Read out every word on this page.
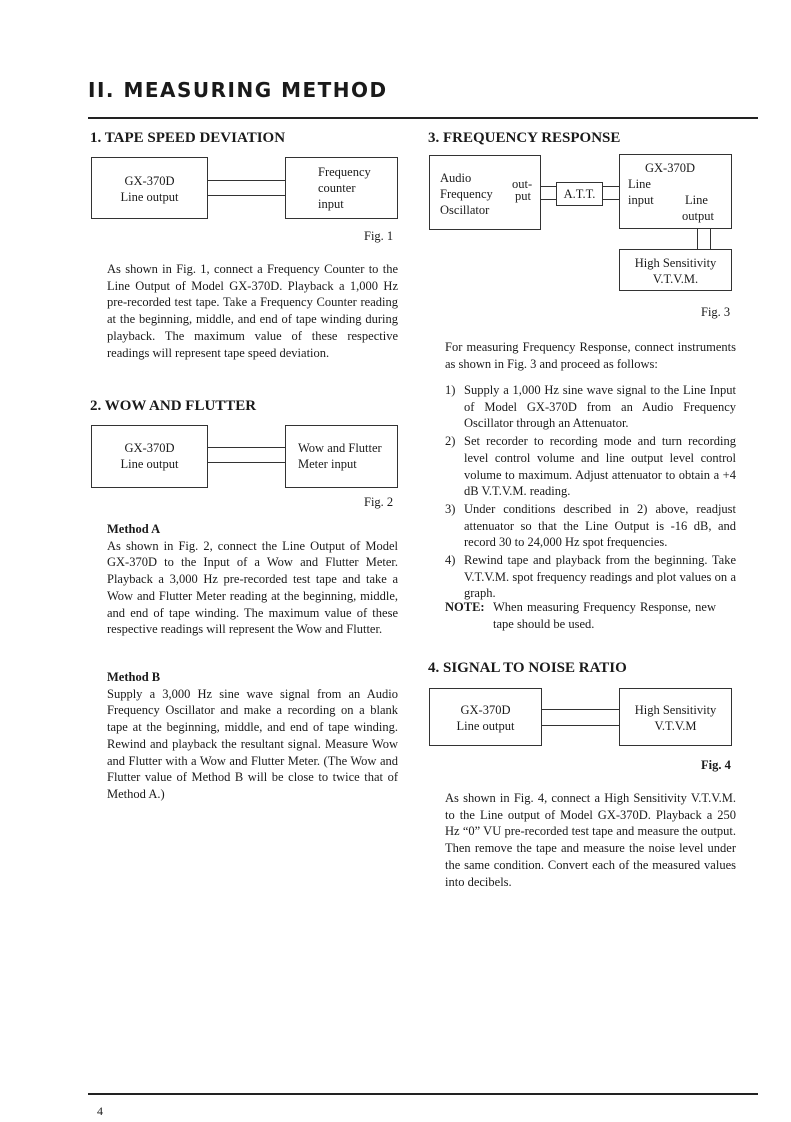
II. MEASURING METHOD
1. TAPE SPEED DEVIATION
GX-370D
Line output
Frequency
counter
input
Fig. 1
As shown in Fig. 1, connect a Frequency Counter to the Line Output of Model GX-370D. Playback a 1,000 Hz pre-recorded test tape. Take a Frequency Counter reading at the beginning, middle, and end of tape winding during playback. The maximum value of these respective readings will represent tape speed deviation.
2. WOW AND FLUTTER
GX-370D
Line output
Wow and Flutter
Meter input
Fig. 2

Method A

As shown in Fig. 2, connect the Line Output of Model GX-370D to the Input of a Wow and Flutter Meter. Playback a 3,000 Hz pre-recorded test tape and take a Wow and Flutter Meter reading at the beginning, middle, and end of tape winding. The maximum value of these respective readings will represent the Wow and Flutter.

Method B

Supply a 3,000 Hz sine wave signal from an Audio Frequency Oscillator and make a recording on a blank tape at the beginning, middle, and end of tape winding. Rewind and playback the resultant signal. Measure Wow and Flutter with a Wow and Flutter Meter. (The Wow and Flutter value of Method B will be close to twice that of Method A.)

3. FREQUENCY RESPONSE
Audio
Frequency
Oscillator
out-
put	A.T.T.
GX-370D
Line
input	Line
output
High Sensitivity
V.T.V.M.
Fig. 3
For measuring Frequency Response, connect instruments as shown in Fig. 3 and proceed as follows:
1) Supply a 1,000 Hz sine wave signal to the Line Input of Model GX-370D from an Audio Frequency Oscillator through an Attenuator.
2) Set recorder to recording mode and turn recording level control volume and line output level control volume to maximum. Adjust attenuator to obtain a +4 dB V.T.V.M. reading.
3) Under conditions described in 2) above, readjust attenuator so that the Line Output is -16 dB, and record 30 to 24,000 Hz spot frequencies.
4) Rewind tape and playback from the beginning. Take V.T.V.M. spot frequency readings and plot values on a graph.
NOTE: When measuring Frequency Response, new tape should be used.
4. SIGNAL TO NOISE RATIO
GX-370D
Line output
High Sensitivity
V.T.V.M
Fig. 4
As shown in Fig. 4, connect a High Sensitivity V.T.V.M. to the Line output of Model GX-370D. Playback a 250 Hz “0” VU pre-recorded test tape and measure the output. Then remove the tape and measure the noise level under the same condition. Convert each of the measured values into decibels.
4
